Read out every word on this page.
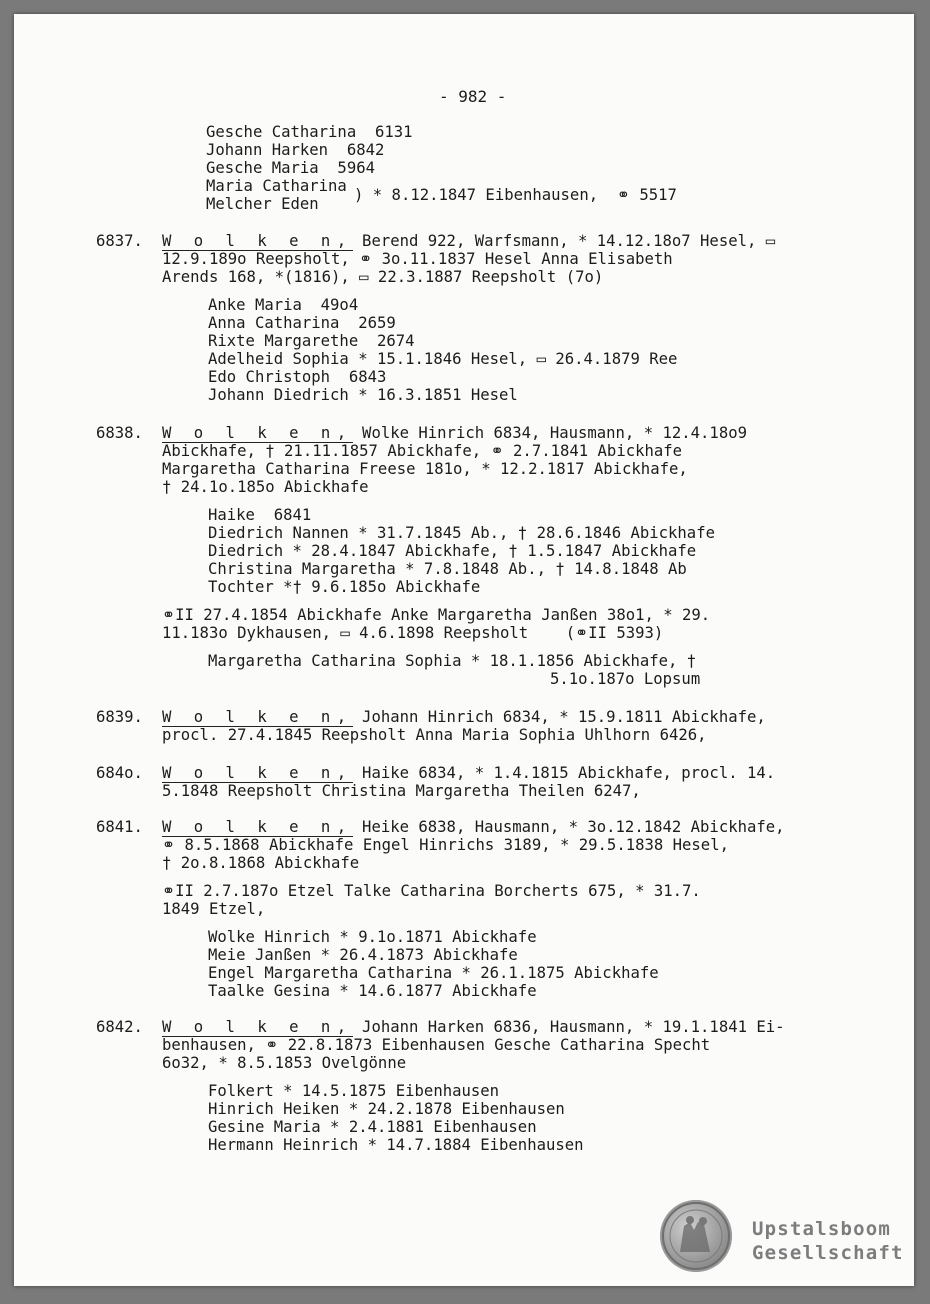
- 982 -
Gesche Catharina  6131
Johann Harken  6842
Gesche Maria  5964
Maria Catharina
Melcher Eden ) * 8.12.1847 Eibenhausen,  ⚭ 5517
6837. W o l k e n, Berend 922, Warfsmann, * 14.12.18o7 Hesel, ▭
12.9.189o Reepsholt, ⚭ 3o.11.1837 Hesel Anna Elisabeth
Arends 168, *(1816), ▭ 22.3.1887 Reepsholt (7o)
Anke Maria  49o4
Anna Catharina  2659
Rixte Margarethe  2674
Adelheid Sophia * 15.1.1846 Hesel, ▭ 26.4.1879 Ree
Edo Christoph  6843
Johann Diedrich * 16.3.1851 Hesel
6838. W o l k e n, Wolke Hinrich 6834, Hausmann, * 12.4.18o9
Abickhafe, † 21.11.1857 Abickhafe, ⚭ 2.7.1841 Abickhafe
Margaretha Catharina Freese 181o, * 12.2.1817 Abickhafe,
† 24.1o.185o Abickhafe
Haike  6841
Diedrich Nannen * 31.7.1845 Ab., † 28.6.1846 Abickhafe
Diedrich * 28.4.1847 Abickhafe, † 1.5.1847 Abickhafe
Christina Margaretha * 7.8.1848 Ab., † 14.8.1848 Ab
Tochter *† 9.6.185o Abickhafe
⚭II 27.4.1854 Abickhafe Anke Margaretha Janßen 38o1, * 29.
11.183o Dykhausen, ▭ 4.6.1898 Reepsholt    (⚭II 5393)
Margaretha Catharina Sophia * 18.1.1856 Abickhafe, †
5.1o.187o Lopsum
6839. W o l k e n, Johann Hinrich 6834, * 15.9.1811 Abickhafe,
procl. 27.4.1845 Reepsholt Anna Maria Sophia Uhlhorn 6426,
684o. W o l k e n, Haike 6834, * 1.4.1815 Abickhafe, procl. 14.
5.1848 Reepsholt Christina Margaretha Theilen 6247,
6841. W o l k e n, Heike 6838, Hausmann, * 3o.12.1842 Abickhafe,
⚭ 8.5.1868 Abickhafe Engel Hinrichs 3189, * 29.5.1838 Hesel,
† 2o.8.1868 Abickhafe
⚭II 2.7.187o Etzel Talke Catharina Borcherts 675, * 31.7.
1849 Etzel,
Wolke Hinrich * 9.1o.1871 Abickhafe
Meie Janßen * 26.4.1873 Abickhafe
Engel Margaretha Catharina * 26.1.1875 Abickhafe
Taalke Gesina * 14.6.1877 Abickhafe
6842. W o l k e n, Johann Harken 6836, Hausmann, * 19.1.1841 Ei-
benhausen, ⚭ 22.8.1873 Eibenhausen Gesche Catharina Specht
6o32, * 8.5.1853 Ovelgönne
Folkert * 14.5.1875 Eibenhausen
Hinrich Heiken * 24.2.1878 Eibenhausen
Gesine Maria * 2.4.1881 Eibenhausen
Hermann Heinrich * 14.7.1884 Eibenhausen
Upstalsboom
Gesellschaft
